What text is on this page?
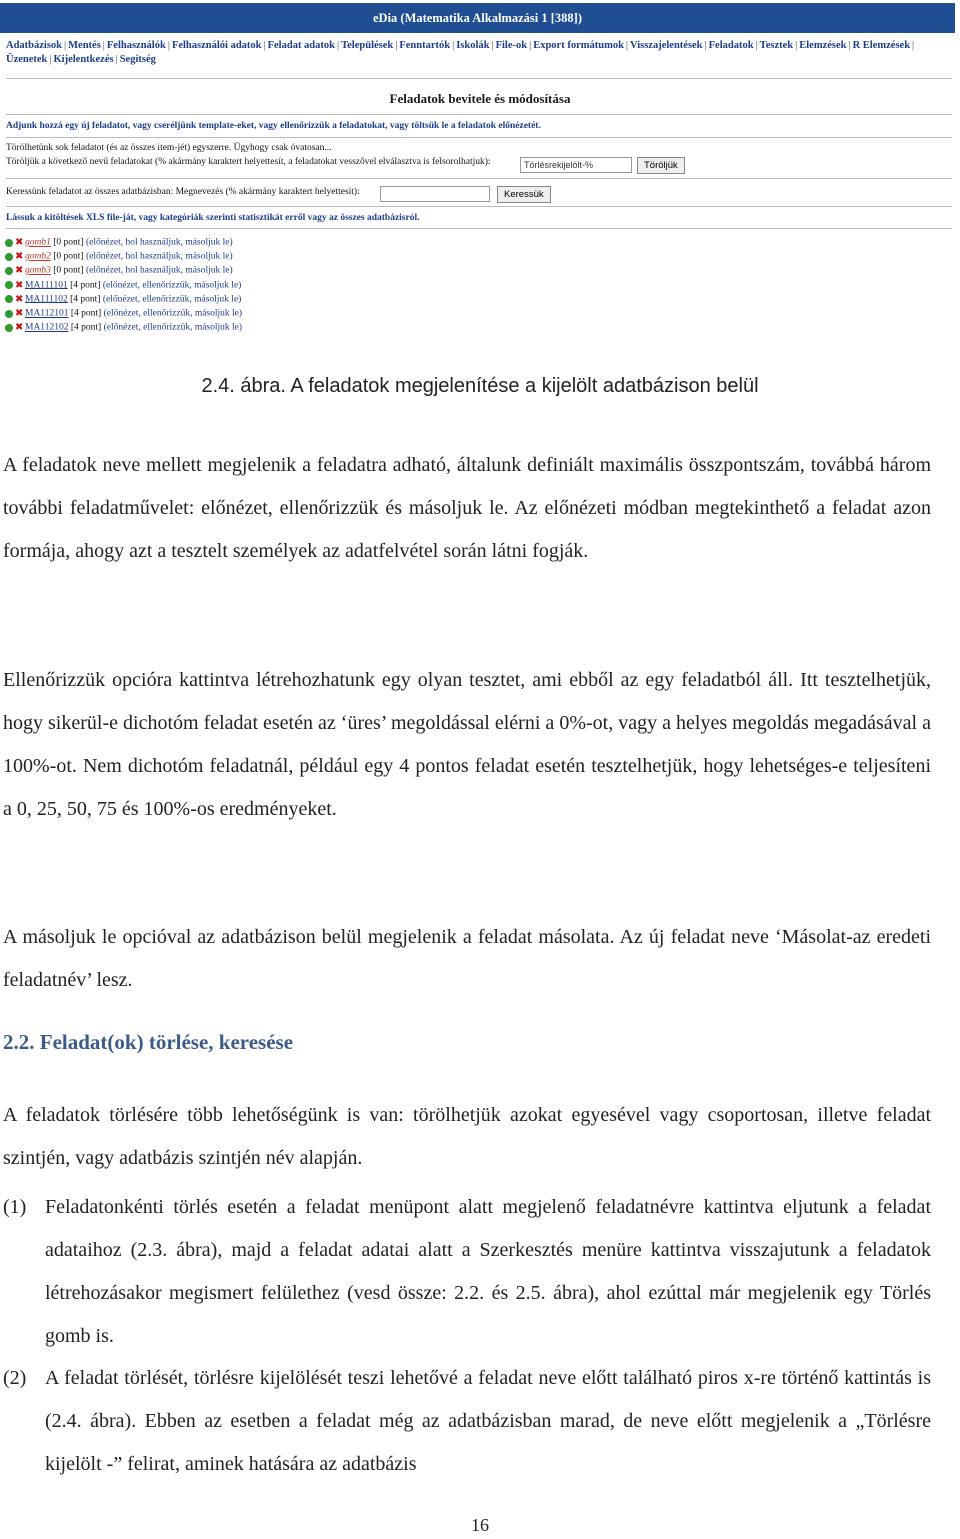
eDia (Matematika Alkalmazási 1 [388])
Adatbázisok | Mentés | Felhasználók | Felhasználói adatok | Feladat adatok | Települések | Fenntartók | Iskolák | File-ok | Export formátumok | Visszajelentések | Feladatok | Tesztek | Elemzések | R Elemzések |Üzenetek | Kijelentkezés | Segítség
Feladatok bevitele és módosítása
Adjunk hozzá egy új feladatot, vagy cseréljünk template-eket, vagy ellenőrizzük a feladatokat, vagy töltsük le a feladatok előnézetét.
Törölhetünk sok feladatot (és az összes item-jét) egyszerre. Ügyhogy csak óvatosan...
Töröljük a következő nevű feladatokat (% akármány karaktert helyettesít, a feladatokat vesszővel elválasztva is felsorolhatjuk):	Törlésrekijelölt-%	Töröljük
Keressünk feladatot az összes adatbázisban: Megnevezés (% akármány karaktert helyettesít):	Keressük
Lássuk a kitöltések XLS file-ját, vagy kategóriák szerinti statisztikát erről vagy az összes adatbázisról.
✖ gomb1 [0 pont] (előnézet, hol használjuk, másoljuk le)
✖ gomb2 [0 pont] (előnézet, hol használjuk, másoljuk le)
✖ gomb3 [0 pont] (előnézet, hol használjuk, másoljuk le)
✖ MA111101 [4 pont] (előnézet, ellenőrizzük, másoljuk le)
✖ MA111102 [4 pont] (előnézet, ellenőrizzük, másoljuk le)
✖ MA112101 [4 pont] (előnézet, ellenőrizzük, másoljuk le)
✖ MA112102 [4 pont] (előnézet, ellenőrizzük, másoljuk le)
2.4. ábra. A feladatok megjelenítése a kijelölt adatbázison belül
A feladatok neve mellett megjelenik a feladatra adható, általunk definiált maximális összpontszám, továbbá három további feladatművelet: előnézet, ellenőrizzük és másoljuk le. Az előnézeti módban megtekinthető a feladat azon formája, ahogy azt a tesztelt személyek az adatfelvétel során látni fogják.
Ellenőrizzük opcióra kattintva létrehozhatunk egy olyan tesztet, ami ebből az egy feladatból áll. Itt tesztelhetjük, hogy sikerül-e dichotóm feladat esetén az ‘üres’ megoldással elérni a 0%-ot, vagy a helyes megoldás megadásával a 100%-ot. Nem dichotóm feladatnál, például egy 4 pontos feladat esetén tesztelhetjük, hogy lehetséges-e teljesíteni a 0, 25, 50, 75 és 100%-os eredményeket.
A másoljuk le opcióval az adatbázison belül megjelenik a feladat másolata. Az új feladat neve ‘Másolat-az eredeti feladatnév’ lesz.
2.2. Feladat(ok) törlése, keresése
A feladatok törlésére több lehetőségünk is van: törölhetjük azokat egyesével vagy csoportosan, illetve feladat szintjén, vagy adatbázis szintjén név alapján.
(1) Feladatonkénti törlés esetén a feladat menüpont alatt megjelenő feladatnévre kattintva eljutunk a feladat adataihoz (2.3. ábra), majd a feladat adatai alatt a Szerkesztés menüre kattintva visszajutunk a feladatok létrehozásakor megismert felülethez (vesd össze: 2.2. és 2.5. ábra), ahol ezúttal már megjelenik egy Törlés gomb is.
(2) A feladat törlését, törlésre kijelölését teszi lehetővé a feladat neve előtt található piros x-re történő kattintás is (2.4. ábra). Ebben az esetben a feladat még az adatbázisban marad, de neve előtt megjelenik a „Törlésre kijelölt -” felirat, aminek hatására az adatbázis
16
